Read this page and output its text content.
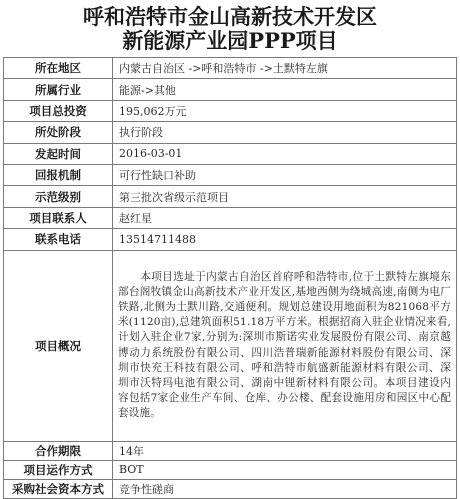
呼和浩特市金山高新技术开发区
新能源产业园PPP项目
所在地区	内蒙古自治区 ->呼和浩特市 ->土默特左旗
所属行业	能源->其他
项目总投资	195,062万元
所处阶段	执行阶段
发起时间	2016-03-01
回报机制	可行性缺口补助
示范级别	第三批次省级示范项目
项目联系人	赵红星
联系电话	13514711488
项目概况	本项目选址于内蒙古自治区首府呼和浩特市,位于土默特左旗境东部台阁牧镇金山高新技术产业开发区,基地西侧为绕城高速,南侧为电厂铁路,北侧为土默川路,交通便利。规划总建设用地面积为821068平方米(1120亩),总建筑面积51.18万平方米。根据招商入驻企业情况来看,计划入驻企业7家,分别为:深圳市斯诺实业发展股份有限公司、南京越博动力系统股份有限公司、四川浩普瑞新能源材料股份有限公司、深圳市快充王科技有限公司、呼和浩特市航盛新能源材料有限公司、深圳市沃特玛电池有限公司、湖南中锂新材料有限公司。本项目建设内容包括7家企业生产车间、仓库、办公楼、配套设施用房和园区中心配套设施。
合作期限	14年
项目运作方式	BOT
采购社会资本方式	竞争性磋商
